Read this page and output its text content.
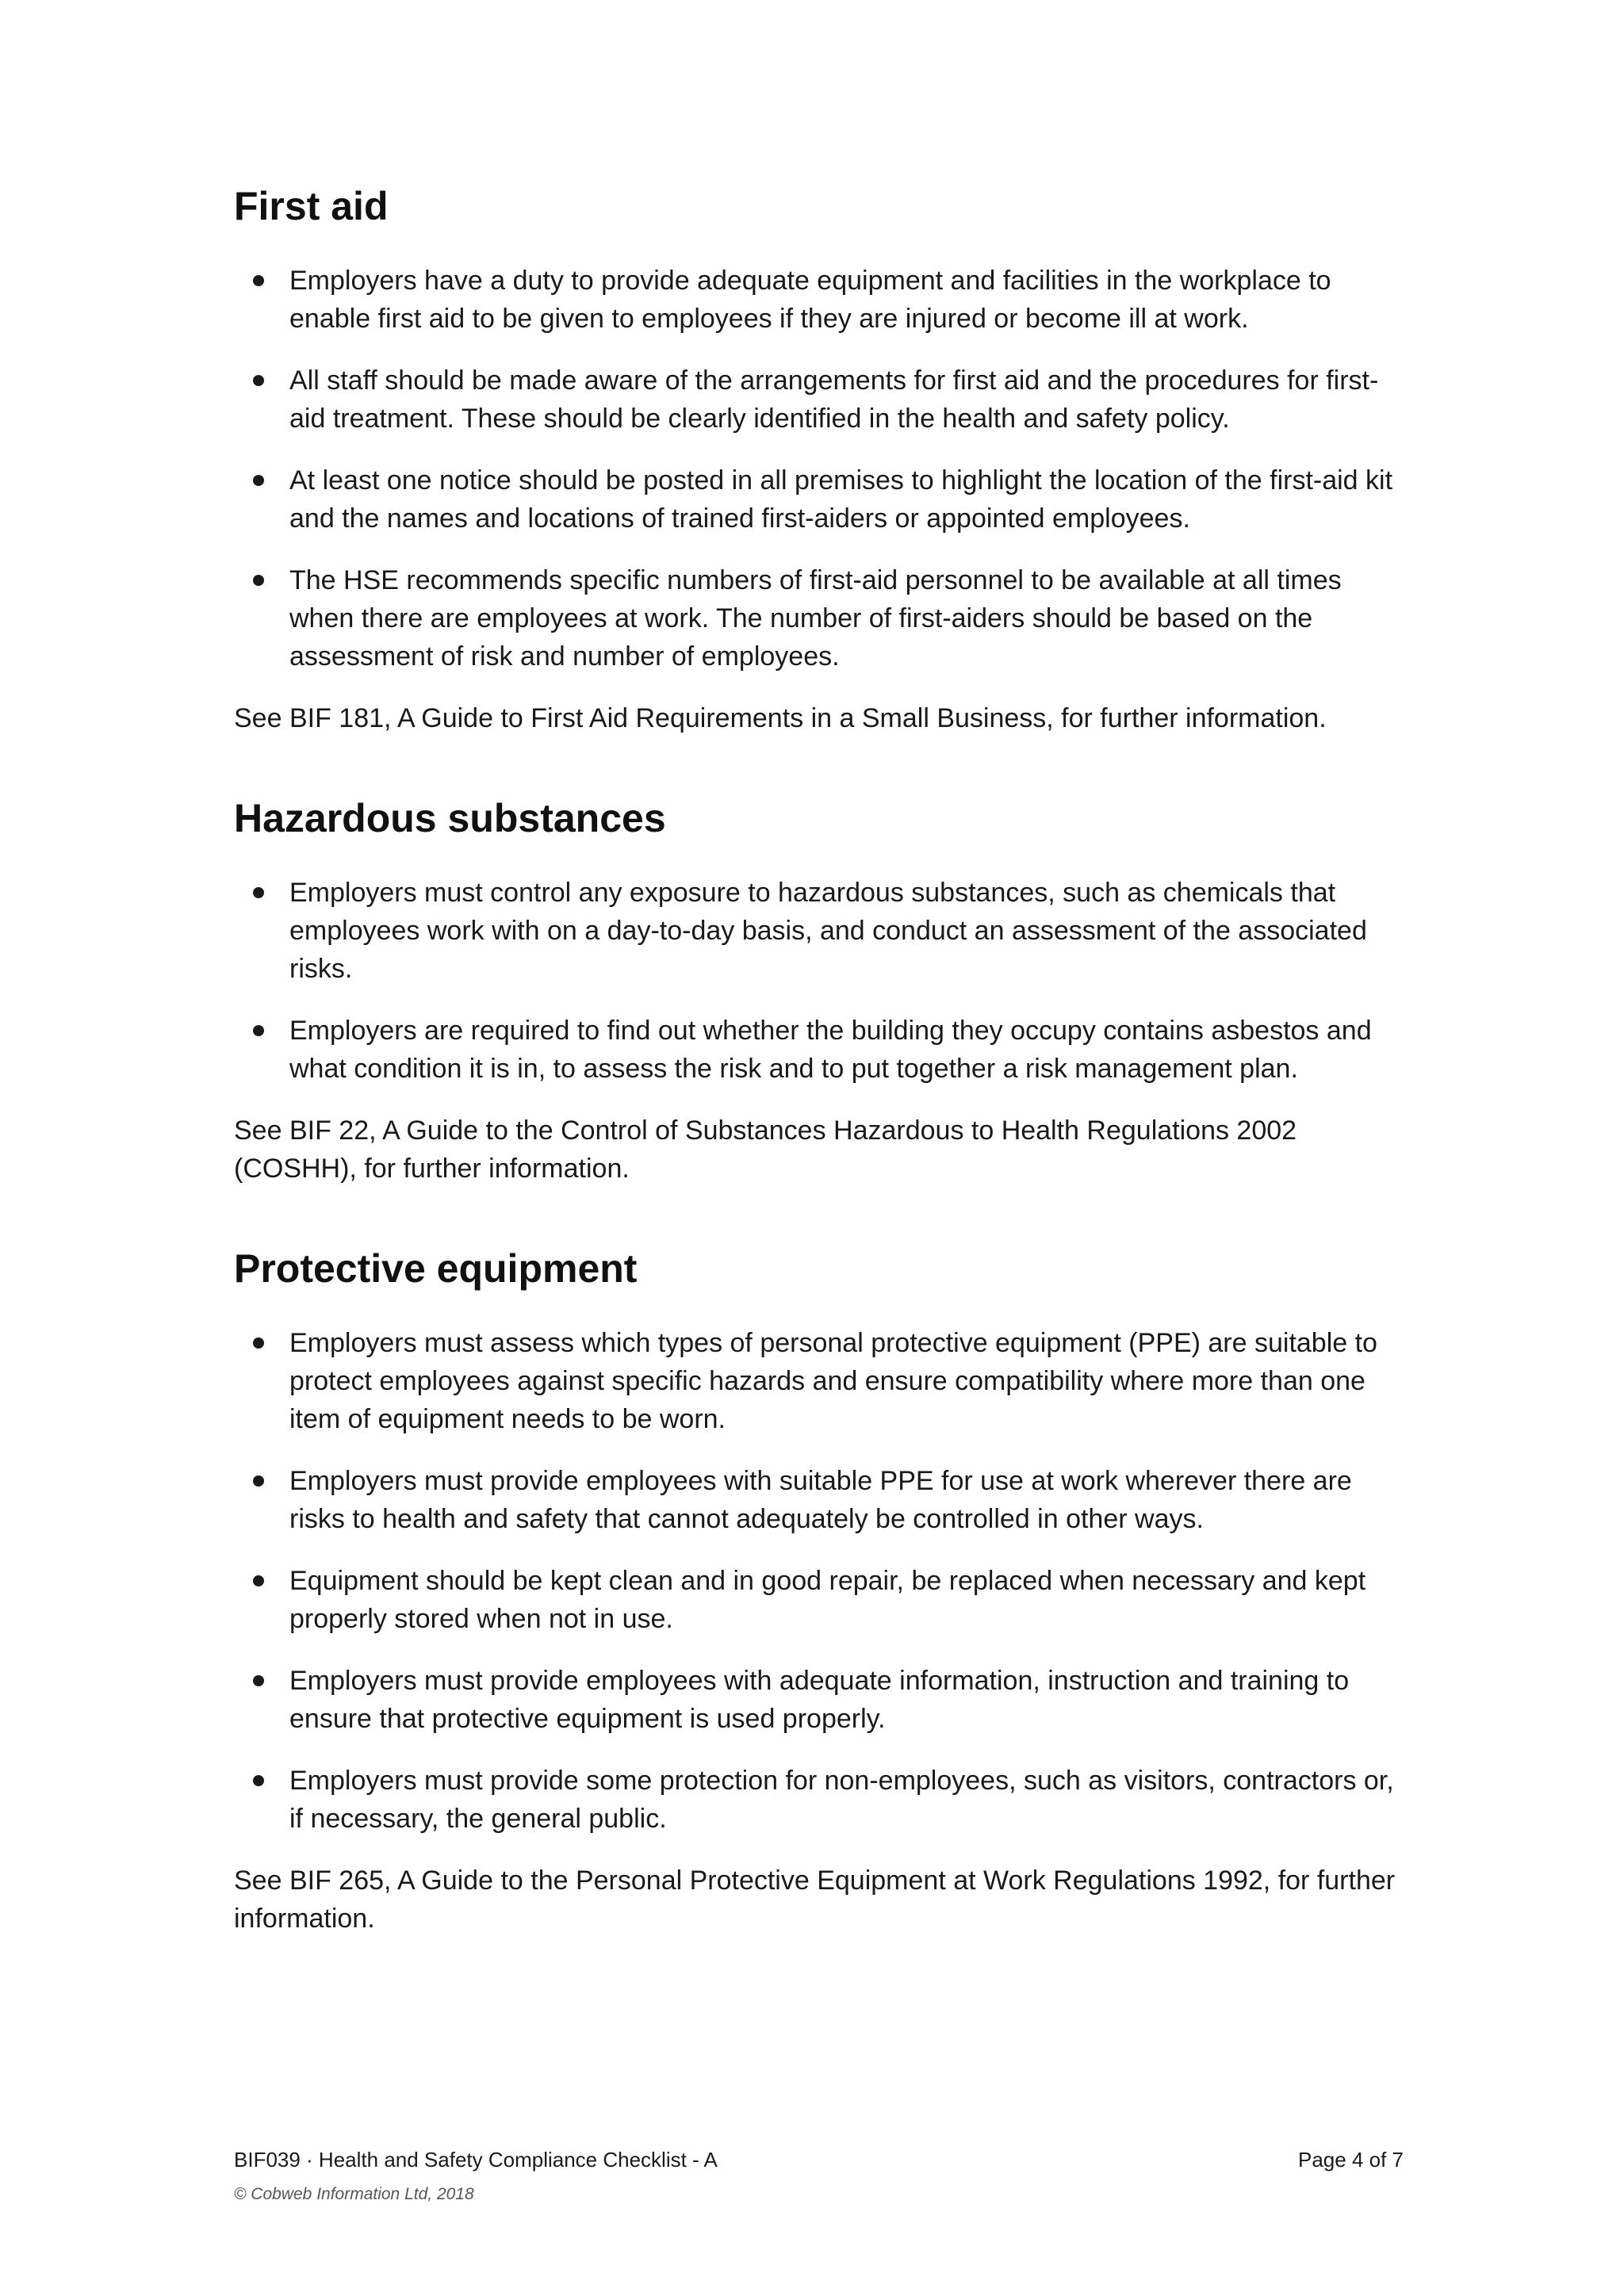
First aid
Employers have a duty to provide adequate equipment and facilities in the workplace to enable first aid to be given to employees if they are injured or become ill at work.
All staff should be made aware of the arrangements for first aid and the procedures for first-aid treatment. These should be clearly identified in the health and safety policy.
At least one notice should be posted in all premises to highlight the location of the first-aid kit and the names and locations of trained first-aiders or appointed employees.
The HSE recommends specific numbers of first-aid personnel to be available at all times when there are employees at work. The number of first-aiders should be based on the assessment of risk and number of employees.

See BIF 181, A Guide to First Aid Requirements in a Small Business, for further information.

Hazardous substances
Employers must control any exposure to hazardous substances, such as chemicals that employees work with on a day-to-day basis, and conduct an assessment of the associated risks.
Employers are required to find out whether the building they occupy contains asbestos and what condition it is in, to assess the risk and to put together a risk management plan.

See BIF 22, A Guide to the Control of Substances Hazardous to Health Regulations 2002 (COSHH), for further information.

Protective equipment
Employers must assess which types of personal protective equipment (PPE) are suitable to protect employees against specific hazards and ensure compatibility where more than one item of equipment needs to be worn.
Employers must provide employees with suitable PPE for use at work wherever there are risks to health and safety that cannot adequately be controlled in other ways.
Equipment should be kept clean and in good repair, be replaced when necessary and kept properly stored when not in use.
Employers must provide employees with adequate information, instruction and training to ensure that protective equipment is used properly.
Employers must provide some protection for non-employees, such as visitors, contractors or, if necessary, the general public.

See BIF 265, A Guide to the Personal Protective Equipment at Work Regulations 1992, for further information.

BIF039 · Health and Safety Compliance Checklist - A	Page 4 of 7
© Cobweb Information Ltd, 2018
